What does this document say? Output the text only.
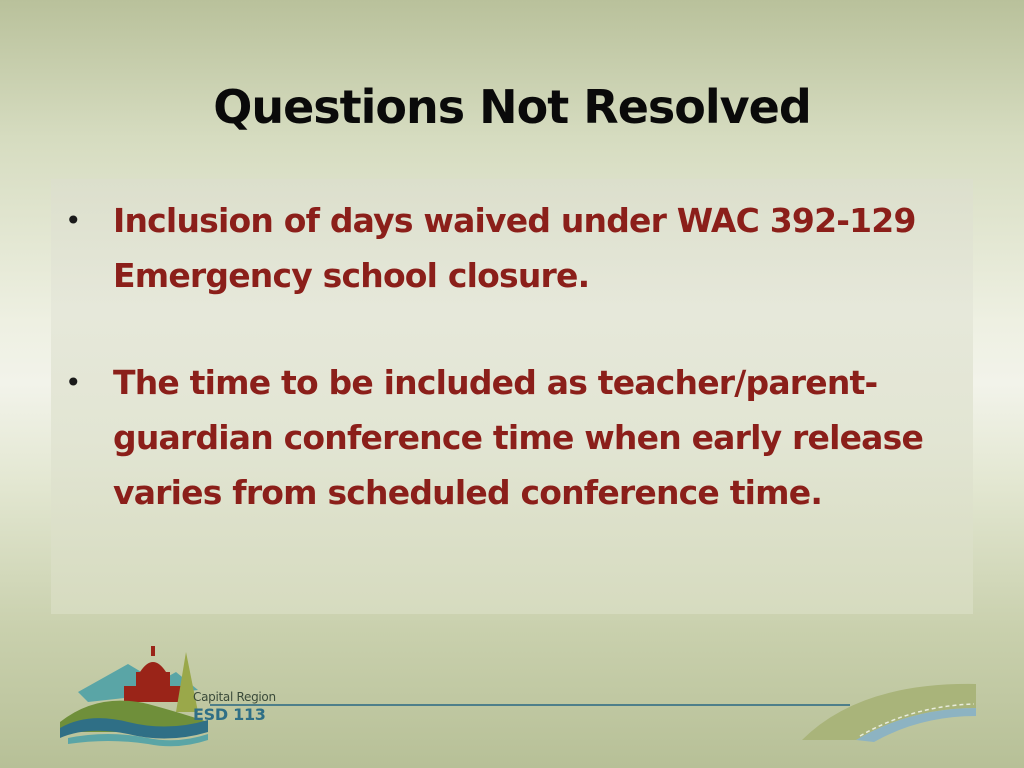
Questions Not Resolved
• Inclusion of days waived under WAC 392-129 Emergency school closure.
• The time to be included as teacher/parent-guardian conference time when early release varies from scheduled conference time.
Capital Region
ESD 113
